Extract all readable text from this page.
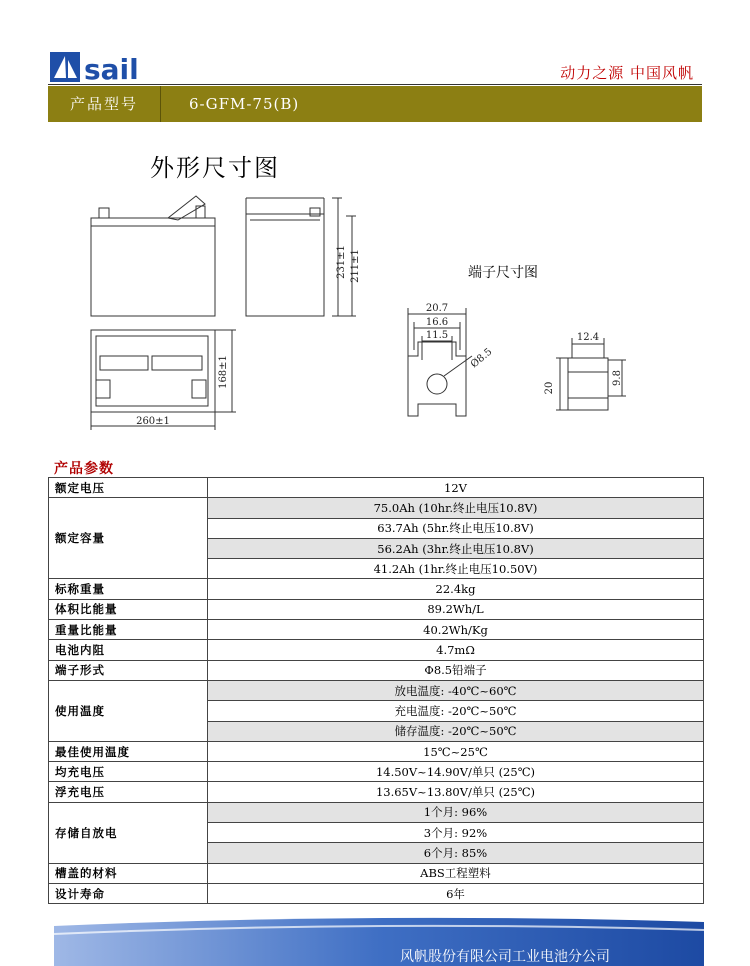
sail	动力之源 中国风帆
产品型号	6-GFM-75(B)
外形尺寸图
端子尺寸图
231±1 211±1
168±1
260±1
20.7
16.6
11.5
Ø8.5
12.4
9.8
20
产品参数
额定电压	12V
额定容量	75.0Ah (10hr.终止电压10.8V)
	63.7Ah (5hr.终止电压10.8V)
	56.2Ah (3hr.终止电压10.8V)
	41.2Ah (1hr.终止电压10.50V)
标称重量	22.4kg
体积比能量	89.2Wh/L
重量比能量	40.2Wh/Kg
电池内阻	4.7mΩ
端子形式	Φ8.5铅端子
使用温度	放电温度: -40℃~60℃
	充电温度: -20℃~50℃
	储存温度: -20℃~50℃
最佳使用温度	15℃~25℃
均充电压	14.50V~14.90V/单只 (25℃)
浮充电压	13.65V~13.80V/单只 (25℃)
存储自放电	1个月: 96%
	3个月: 92%
	6个月: 85%
槽盖的材料	ABS工程塑料
设计寿命	6年
风帆股份有限公司工业电池分公司
